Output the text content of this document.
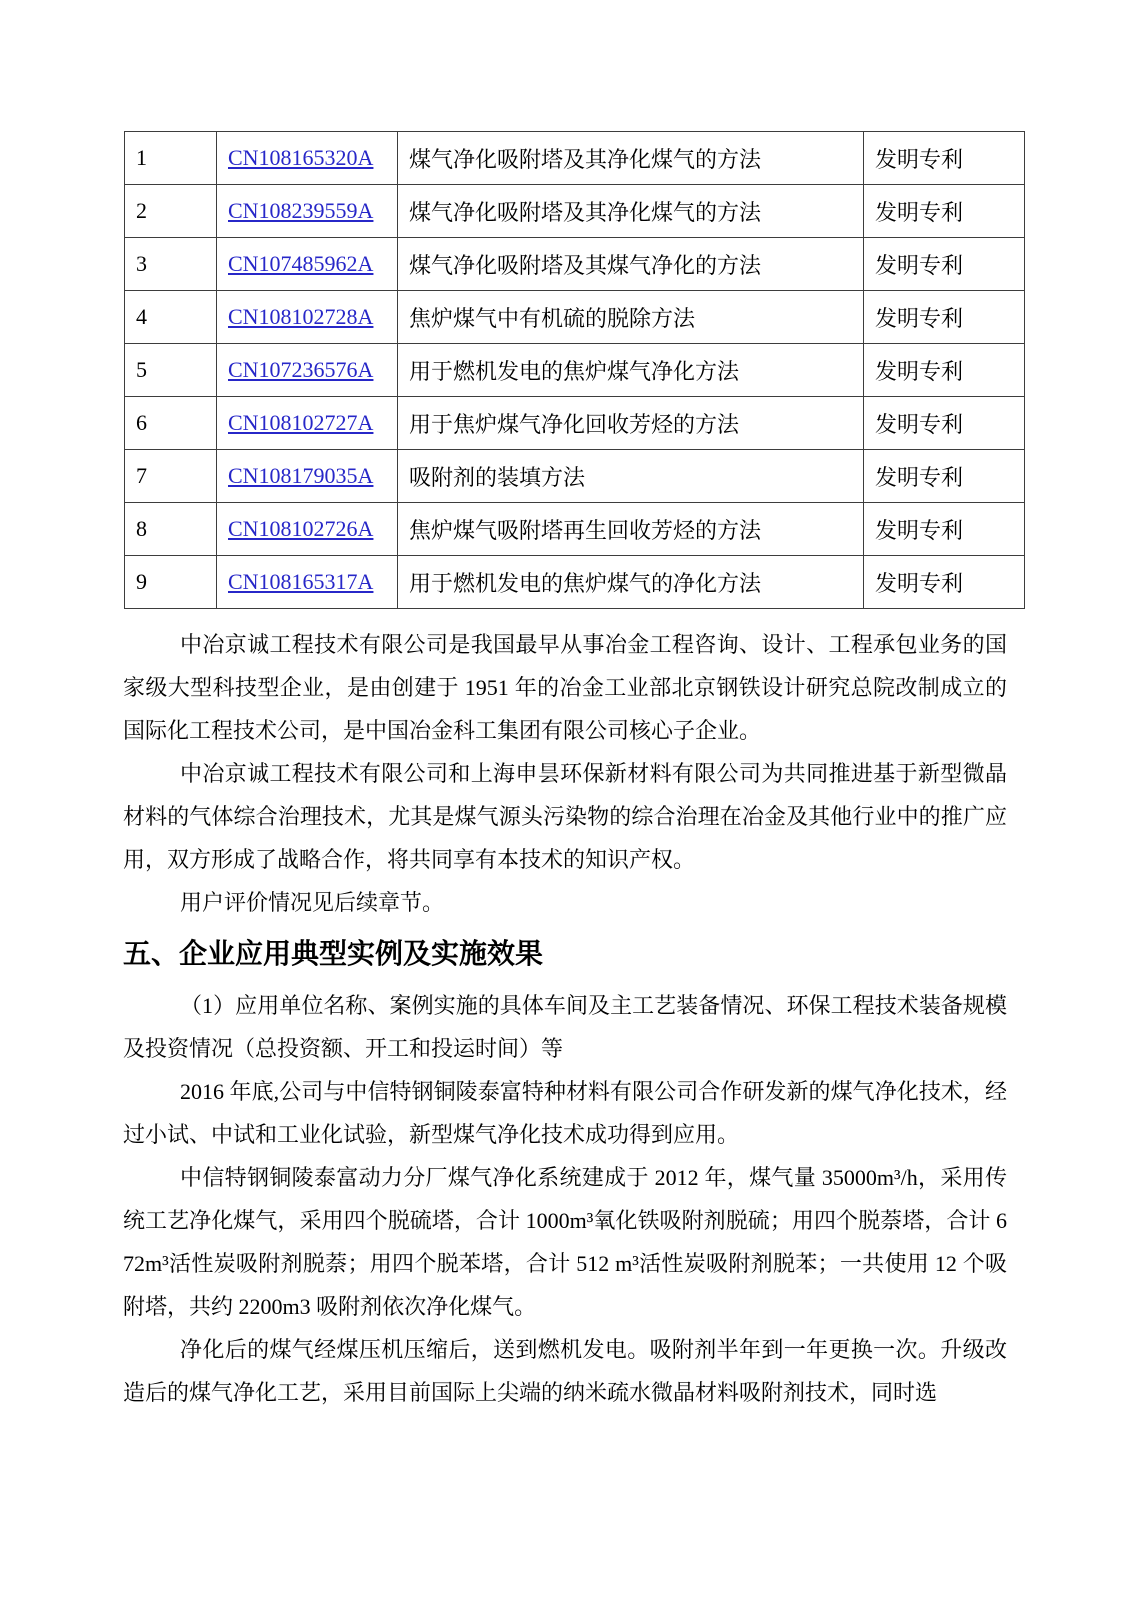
1	CN108165320A	煤气净化吸附塔及其净化煤气的方法	发明专利
2	CN108239559A	煤气净化吸附塔及其净化煤气的方法	发明专利
3	CN107485962A	煤气净化吸附塔及其煤气净化的方法	发明专利
4	CN108102728A	焦炉煤气中有机硫的脱除方法	发明专利
5	CN107236576A	用于燃机发电的焦炉煤气净化方法	发明专利
6	CN108102727A	用于焦炉煤气净化回收芳烃的方法	发明专利
7	CN108179035A	吸附剂的装填方法	发明专利
8	CN108102726A	焦炉煤气吸附塔再生回收芳烃的方法	发明专利
9	CN108165317A	用于燃机发电的焦炉煤气的净化方法	发明专利

中冶京诚工程技术有限公司是我国最早从事冶金工程咨询、设计、工程承包业务的国家级大型科技型企业，是由创建于 1951 年的冶金工业部北京钢铁设计研究总院改制成立的国际化工程技术公司，是中国冶金科工集团有限公司核心子企业。

中冶京诚工程技术有限公司和上海申昙环保新材料有限公司为共同推进基于新型微晶材料的气体综合治理技术，尤其是煤气源头污染物的综合治理在冶金及其他行业中的推广应用，双方形成了战略合作，将共同享有本技术的知识产权。

用户评价情况见后续章节。

五、企业应用典型实例及实施效果

（1）应用单位名称、案例实施的具体车间及主工艺装备情况、环保工程技术装备规模及投资情况（总投资额、开工和投运时间）等

2016 年底,公司与中信特钢铜陵泰富特种材料有限公司合作研发新的煤气净化技术，经过小试、中试和工业化试验，新型煤气净化技术成功得到应用。

中信特钢铜陵泰富动力分厂煤气净化系统建成于 2012 年，煤气量 35000m³/h，采用传统工艺净化煤气，采用四个脱硫塔，合计 1000m³氧化铁吸附剂脱硫；用四个脱萘塔，合计 672m³活性炭吸附剂脱萘；用四个脱苯塔，合计 512 m³活性炭吸附剂脱苯；一共使用 12 个吸附塔，共约 2200m3 吸附剂依次净化煤气。

净化后的煤气经煤压机压缩后，送到燃机发电。吸附剂半年到一年更换一次。升级改造后的煤气净化工艺，采用目前国际上尖端的纳米疏水微晶材料吸附剂技术，同时选
